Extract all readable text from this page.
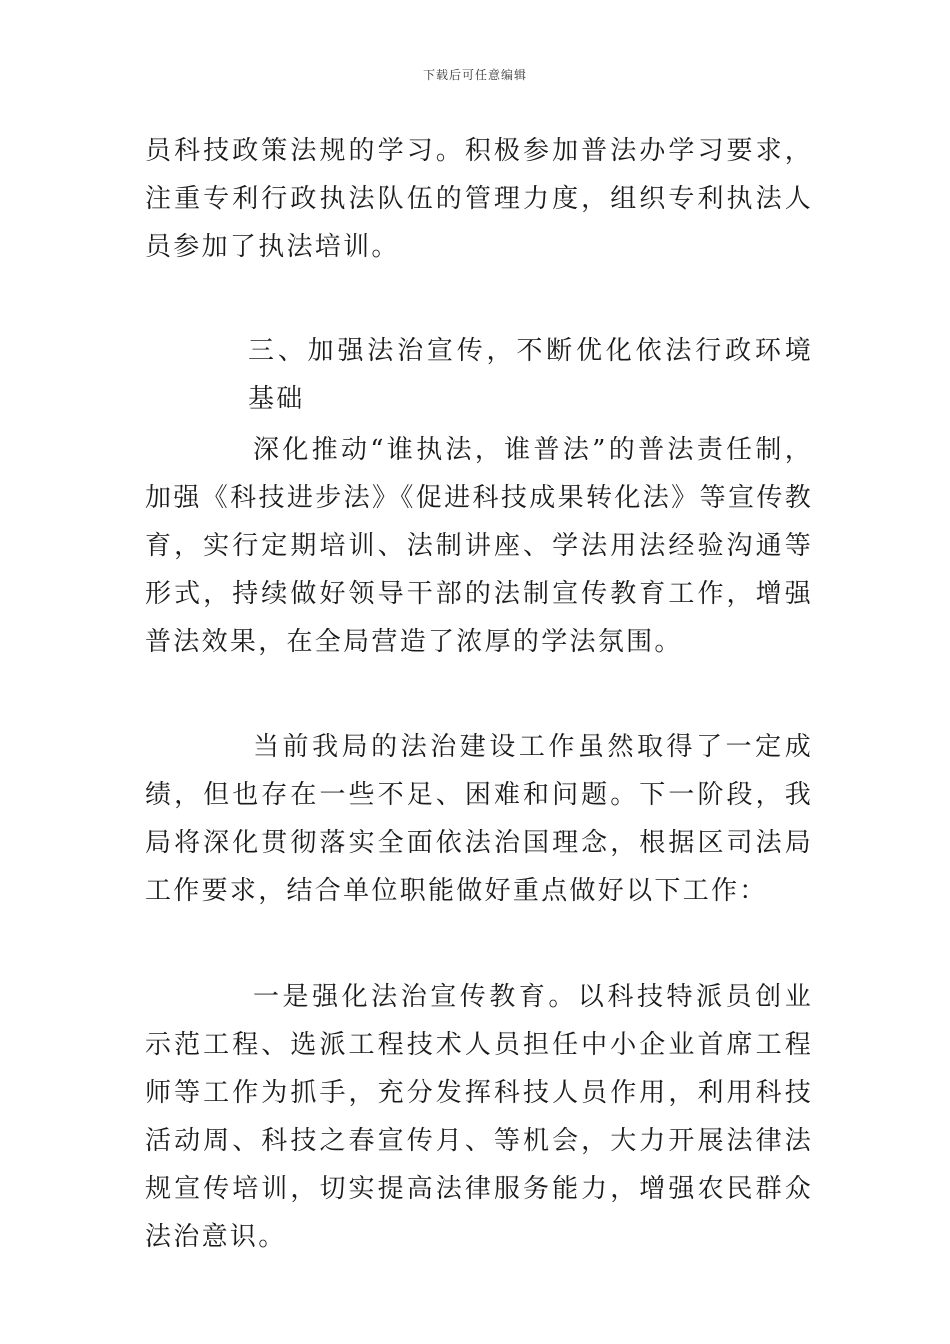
下载后可任意编辑

员科技政策法规的学习。积极参加普法办学习要求，注重专利行政执法队伍的管理力度，组织专利执法人员参加了执法培训。

三、加强法治宣传，不断优化依法行政环境基础

深化推动“谁执法，谁普法”的普法责任制，加强《科技进步法》《促进科技成果转化法》等宣传教育，实行定期培训、法制讲座、学法用法经验沟通等形式，持续做好领导干部的法制宣传教育工作，增强普法效果，在全局营造了浓厚的学法氛围。

当前我局的法治建设工作虽然取得了一定成绩，但也存在一些不足、困难和问题。下一阶段，我局将深化贯彻落实全面依法治国理念，根据区司法局工作要求，结合单位职能做好重点做好以下工作：

一是强化法治宣传教育。以科技特派员创业示范工程、选派工程技术人员担任中小企业首席工程师等工作为抓手，充分发挥科技人员作用，利用科技活动周、科技之春宣传月、等机会，大力开展法律法规宣传培训，切实提高法律服务能力，增强农民群众法治意识。
